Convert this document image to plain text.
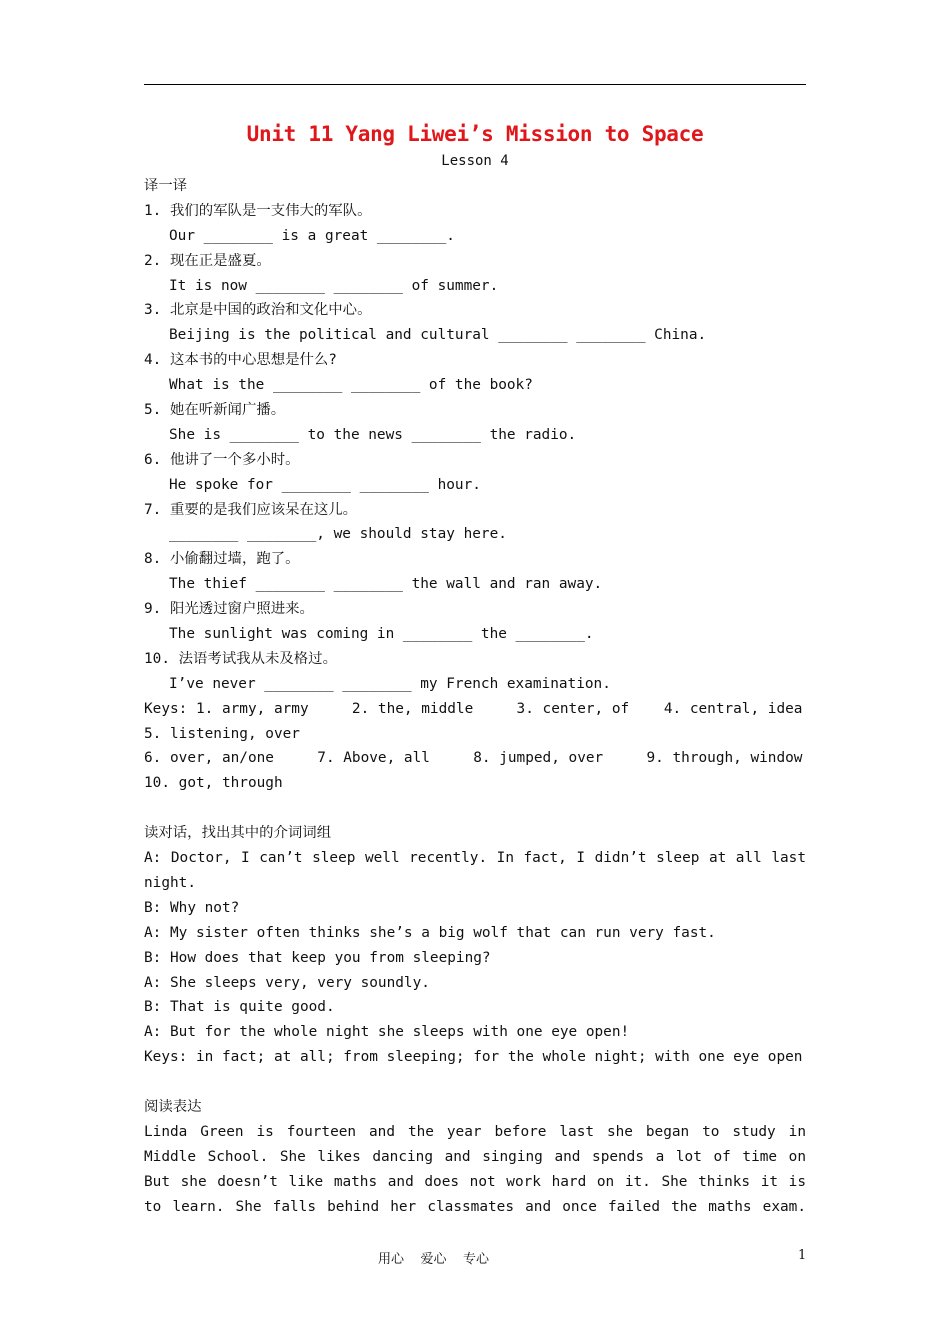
Unit 11 Yang Liwei’s Mission to Space
Lesson 4
译一译
1. 我们的军队是一支伟大的军队。
Our ________ is a great ________.
2. 现在正是盛夏。
It is now ________ ________ of summer.
3. 北京是中国的政治和文化中心。
Beijing is the political and cultural ________ ________ China.
4. 这本书的中心思想是什么?
What is the ________ ________ of the book?
5. 她在听新闻广播。
She is ________ to the news ________ the radio.
6. 他讲了一个多小时。
He spoke for ________ ________ hour.
7. 重要的是我们应该呆在这儿。
________ ________, we should stay here.
8. 小偷翻过墙，跑了。
The thief ________ ________ the wall and ran away.
9. 阳光透过窗户照进来。
The sunlight was coming in ________ the ________.
10. 法语考试我从未及格过。
I’ve never ________ ________ my French examination.
Keys: 1. army, army     2. the, middle     3. center, of    4. central, idea
5. listening, over
6. over, an/one     7. Above, all     8. jumped, over     9. through, window
10. got, through
读对话，找出其中的介词词组
A: Doctor, I can’t sleep well recently. In fact, I didn’t sleep at all last
night.
B: Why not?
A: My sister often thinks she’s a big wolf that can run very fast.
B: How does that keep you from sleeping?
A: She sleeps very, very soundly.
B: That is quite good.
A: But for the whole night she sleeps with one eye open!
Keys: in fact; at all; from sleeping; for the whole night; with one eye open
阅读表达
Linda Green is fourteen and the year before last she began to study in
Middle School. She likes dancing and singing and spends a lot of time on
But she doesn’t like maths and does not work hard on it. She thinks it is
to learn. She falls behind her classmates and once failed the maths exam.
用心    爱心    专心	1
